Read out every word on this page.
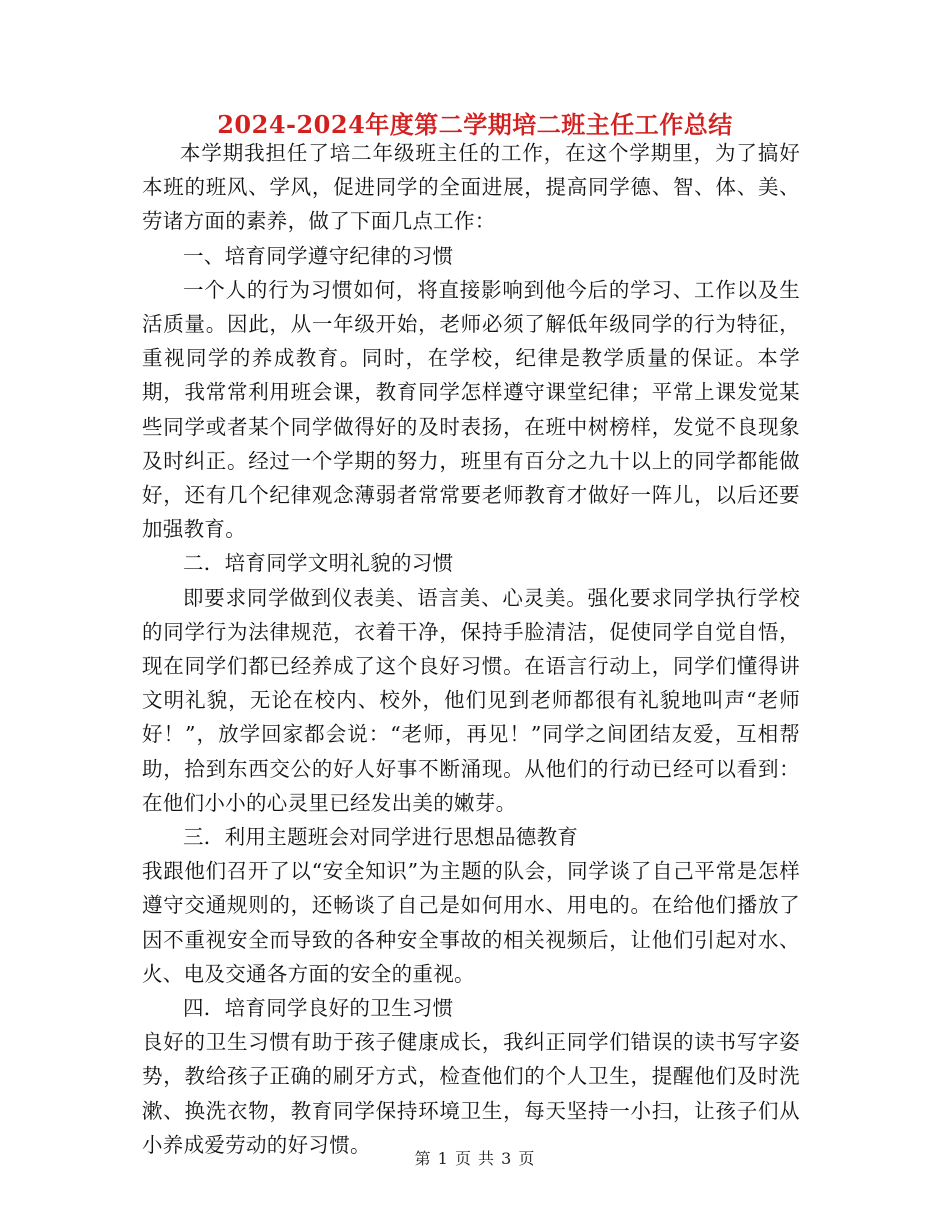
2024-2024年度第二学期培二班主任工作总结

本学期我担任了培二年级班主任的工作，在这个学期里，为了搞好本班的班风、学风，促进同学的全面进展，提高同学德、智、体、美、劳诸方面的素养，做了下面几点工作：

一、培育同学遵守纪律的习惯

一个人的行为习惯如何，将直接影响到他今后的学习、工作以及生活质量。因此，从一年级开始，老师必须了解低年级同学的行为特征，重视同学的养成教育。同时，在学校，纪律是教学质量的保证。本学期，我常常利用班会课，教育同学怎样遵守课堂纪律；平常上课发觉某些同学或者某个同学做得好的及时表扬，在班中树榜样，发觉不良现象及时纠正。经过一个学期的努力，班里有百分之九十以上的同学都能做好，还有几个纪律观念薄弱者常常要老师教育才做好一阵儿，以后还要加强教育。

二．培育同学文明礼貌的习惯

即要求同学做到仪表美、语言美、心灵美。强化要求同学执行学校的同学行为法律规范，衣着干净，保持手脸清洁，促使同学自觉自悟，现在同学们都已经养成了这个良好习惯。在语言行动上，同学们懂得讲文明礼貌，无论在校内、校外，他们见到老师都很有礼貌地叫声“老师好！”，放学回家都会说：“老师，再见！”同学之间团结友爱，互相帮助，拾到东西交公的好人好事不断涌现。从他们的行动已经可以看到：在他们小小的心灵里已经发出美的嫩芽。

三．利用主题班会对同学进行思想品德教育

我跟他们召开了以“安全知识”为主题的队会，同学谈了自己平常是怎样遵守交通规则的，还畅谈了自己是如何用水、用电的。在给他们播放了因不重视安全而导致的各种安全事故的相关视频后，让他们引起对水、火、电及交通各方面的安全的重视。

四．培育同学良好的卫生习惯

良好的卫生习惯有助于孩子健康成长，我纠正同学们错误的读书写字姿势，教给孩子正确的刷牙方式，检查他们的个人卫生，提醒他们及时洗漱、换洗衣物，教育同学保持环境卫生，每天坚持一小扫，让孩子们从小养成爱劳动的好习惯。

第 1 页 共 3 页
